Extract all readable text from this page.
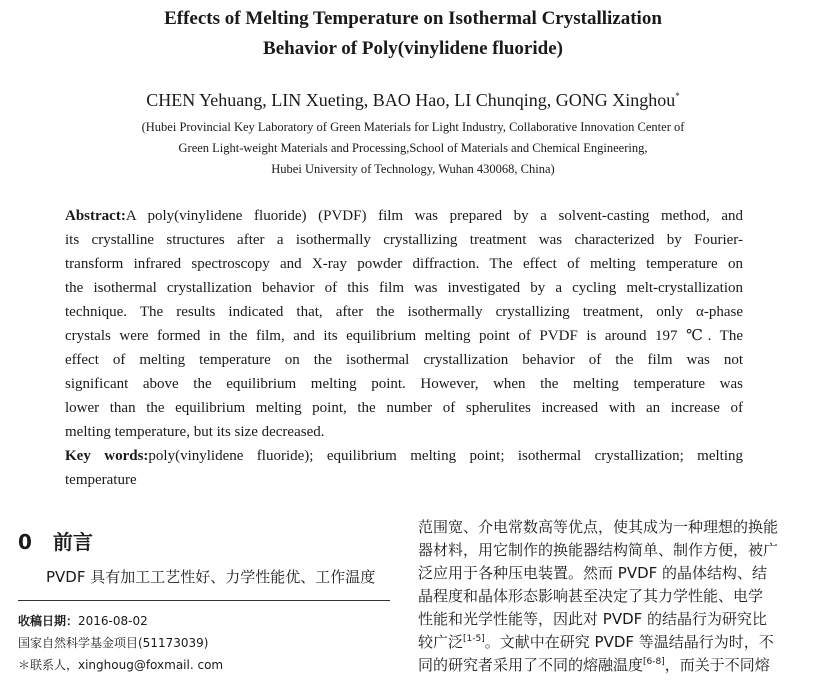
Effects of Melting Temperature on Isothermal Crystallization
Behavior of Poly(vinylidene fluoride)
CHEN Yehuang, LIN Xueting, BAO Hao, LI Chunqing, GONG Xinghou*
(Hubei Provincial Key Laboratory of Green Materials for Light Industry, Collaborative Innovation Center of
Green Light-weight Materials and Processing,School of Materials and Chemical Engineering,
Hubei University of Technology, Wuhan 430068, China)
Abstract:A poly(vinylidene fluoride) (PVDF) film was prepared by a solvent-casting method, and
its crystalline structures after a isothermally crystallizing treatment was characterized by Fourier-
transform infrared spectroscopy and X-ray powder diffraction. The effect of melting temperature on
the isothermal crystallization behavior of this film was investigated by a cycling melt-crystallization
technique. The results indicated that, after the isothermally crystallizing treatment, only α-phase
crystals were formed in the film, and its equilibrium melting point of PVDF is around 197 ℃. The
effect of melting temperature on the isothermal crystallization behavior of the film was not
significant above the equilibrium melting point. However, when the melting temperature was
lower than the equilibrium melting point, the number of spherulites increased with an increase of
melting temperature, but its size decreased.
Key words:poly(vinylidene fluoride); equilibrium melting point; isothermal crystallization; melting
temperature
0 前言
PVDF 具有加工工艺性好、力学性能优、工作温度
收稿日期：2016-08-02
国家自然科学基金项目(51173039)
＊联系人，xinghoug@foxmail. com
范围宽、介电常数高等优点，使其成为一种理想的换能
器材料，用它制作的换能器结构简单、制作方便，被广
泛应用于各种压电装置。然而 PVDF 的晶体结构、结
晶程度和晶体形态影响甚至决定了其力学性能、电学
性能和光学性能等，因此对 PVDF 的结晶行为研究比
较广泛[1-5]。文献中在研究 PVDF 等温结晶行为时，不
同的研究者采用了不同的熔融温度[6-8]，而关于不同熔
